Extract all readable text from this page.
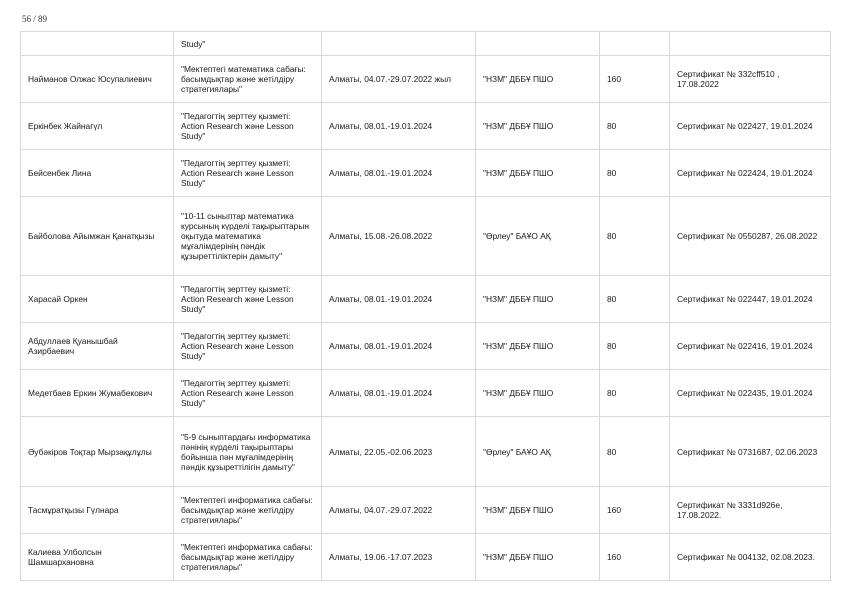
56 / 89
	Study"				
Найманов Олжас Юсупалиевич	"Мектептегі математика сабағы: басымдықтар және жетілдіру стратегиялары"	Алматы, 04.07.-29.07.2022 жыл	"НЗМ" ДББҰ ПШО	160	Сертификат № 332cff510 , 17.08.2022
Еркінбек Жайнагүл	"Педагогтің зерттеу қызметі: Action Research және Lesson Study"	Алматы, 08.01.-19.01.2024	"НЗМ" ДББҰ ПШО	80	Сертификат № 022427, 19.01.2024
Бейсенбек Лина	"Педагогтің зерттеу қызметі: Action Research және Lesson Study"	Алматы, 08.01.-19.01.2024	"НЗМ" ДББҰ ПШО	80	Сертификат № 022424, 19.01.2024
Байболова Айымжан Қанатқызы	"10-11 сыныптар математика курсының күрделі тақырыптарын оқытуда математика мұғалімдерінің пәндік құзыреттіліктерін дамыту"	Алматы, 15.08.-26.08.2022	"Өрлеу" БАҰО АҚ	80	Сертификат № 0550287, 26.08.2022
Харасай Оркен	"Педагогтің зерттеу қызметі: Action Research және Lesson Study"	Алматы, 08.01.-19.01.2024	"НЗМ" ДББҰ ПШО	80	Сертификат № 022447, 19.01.2024
Абдуллаев Қуанышбай Азирбаевич	"Педагогтің зерттеу қызметі: Action Research және Lesson Study"	Алматы, 08.01.-19.01.2024	"НЗМ" ДББҰ ПШО	80	Сертификат № 022416, 19.01.2024
Медетбаев Еркин Жумабекович	"Педагогтің зерттеу қызметі: Action Research және Lesson Study"	Алматы, 08.01.-19.01.2024	"НЗМ" ДББҰ ПШО	80	Сертификат № 022435, 19.01.2024
Әубәкіров Тоқтар Мырзақұлұлы	"5-9 сыныптардағы информатика пәнінің күрделі тақырыптары бойынша пән мұғалімдерінің пәндік құзыреттілігін дамыту"	Алматы, 22.05.-02.06.2023	"Өрлеу" БАҰО АҚ	80	Сертификат № 0731687, 02.06.2023
Тасмұратқызы Гүлнара	"Мектептегі информатика сабағы: басымдықтар және жетілдіру стратегиялары"	Алматы, 04.07.-29.07.2022	"НЗМ" ДББҰ ПШО	160	Сертификат № 3331d926e, 17.08.2022.
Калиева Улболсын Шамшархановна	"Мектептегі информатика сабағы: басымдықтар және жетілдіру стратегиялары"	Алматы, 19.06.-17.07.2023	"НЗМ" ДББҰ ПШО	160	Сертификат № 004132, 02.08.2023.
